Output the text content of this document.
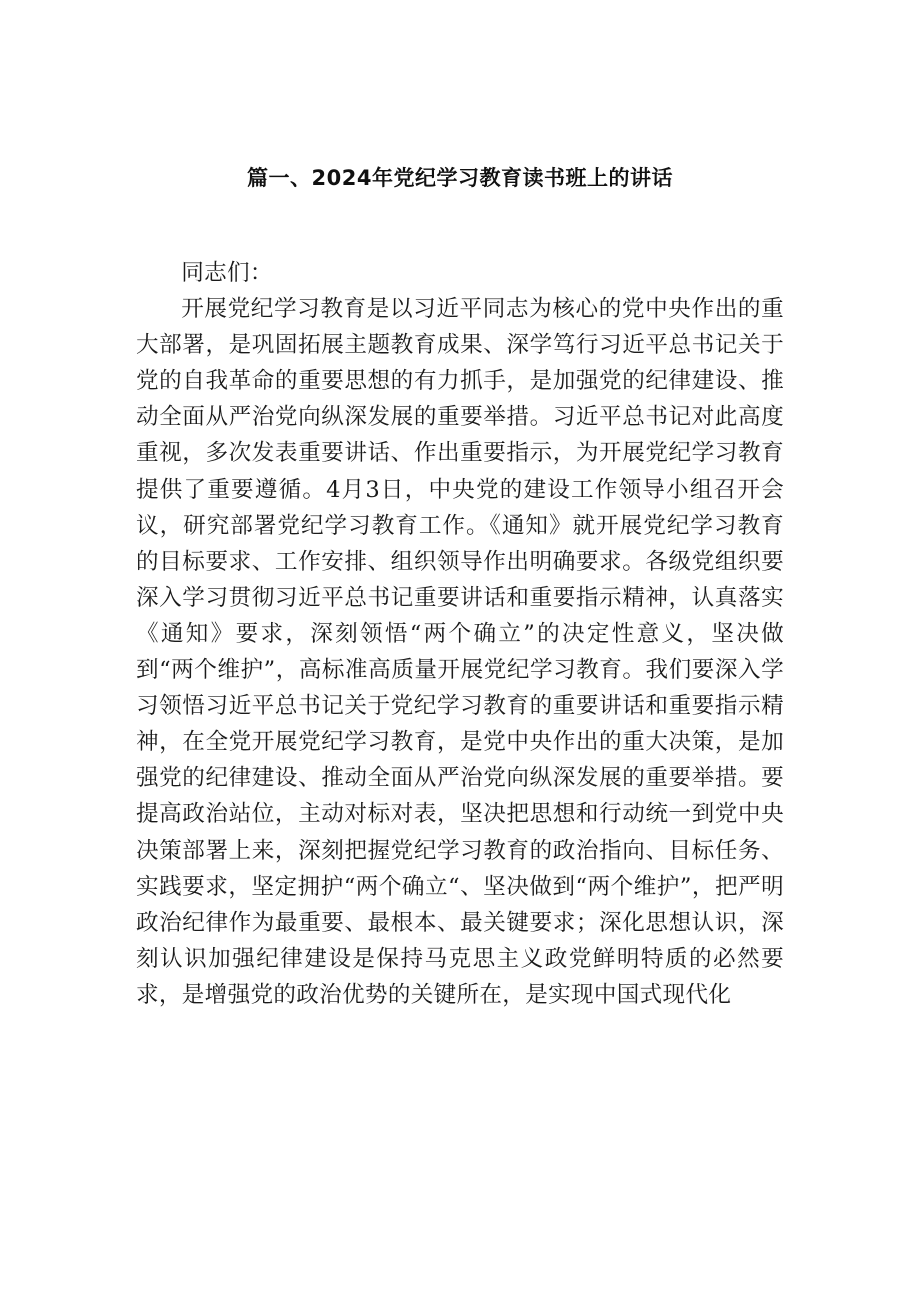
篇一、2024年党纪学习教育读书班上的讲话

同志们：

开展党纪学习教育是以习近平同志为核心的党中央作出的重大部署，是巩固拓展主题教育成果、深学笃行习近平总书记关于党的自我革命的重要思想的有力抓手，是加强党的纪律建设、推动全面从严治党向纵深发展的重要举措。习近平总书记对此高度重视，多次发表重要讲话、作出重要指示，为开展党纪学习教育提供了重要遵循。4月3日，中央党的建设工作领导小组召开会议，研究部署党纪学习教育工作。《通知》就开展党纪学习教育的目标要求、工作安排、组织领导作出明确要求。各级党组织要深入学习贯彻习近平总书记重要讲话和重要指示精神，认真落实《通知》要求，深刻领悟“两个确立”的决定性意义，坚决做到“两个维护”，高标准高质量开展党纪学习教育。我们要深入学习领悟习近平总书记关于党纪学习教育的重要讲话和重要指示精神，在全党开展党纪学习教育，是党中央作出的重大决策，是加强党的纪律建设、推动全面从严治党向纵深发展的重要举措。要提高政治站位，主动对标对表，坚决把思想和行动统一到党中央决策部署上来，深刻把握党纪学习教育的政治指向、目标任务、实践要求，坚定拥护“两个确立“、坚决做到“两个维护”，把严明政治纪律作为最重要、最根本、最关键要求；深化思想认识，深刻认识加强纪律建设是保持马克思主义政党鲜明特质的必然要求，是增强党的政治优势的关键所在，是实现中国式现代化
